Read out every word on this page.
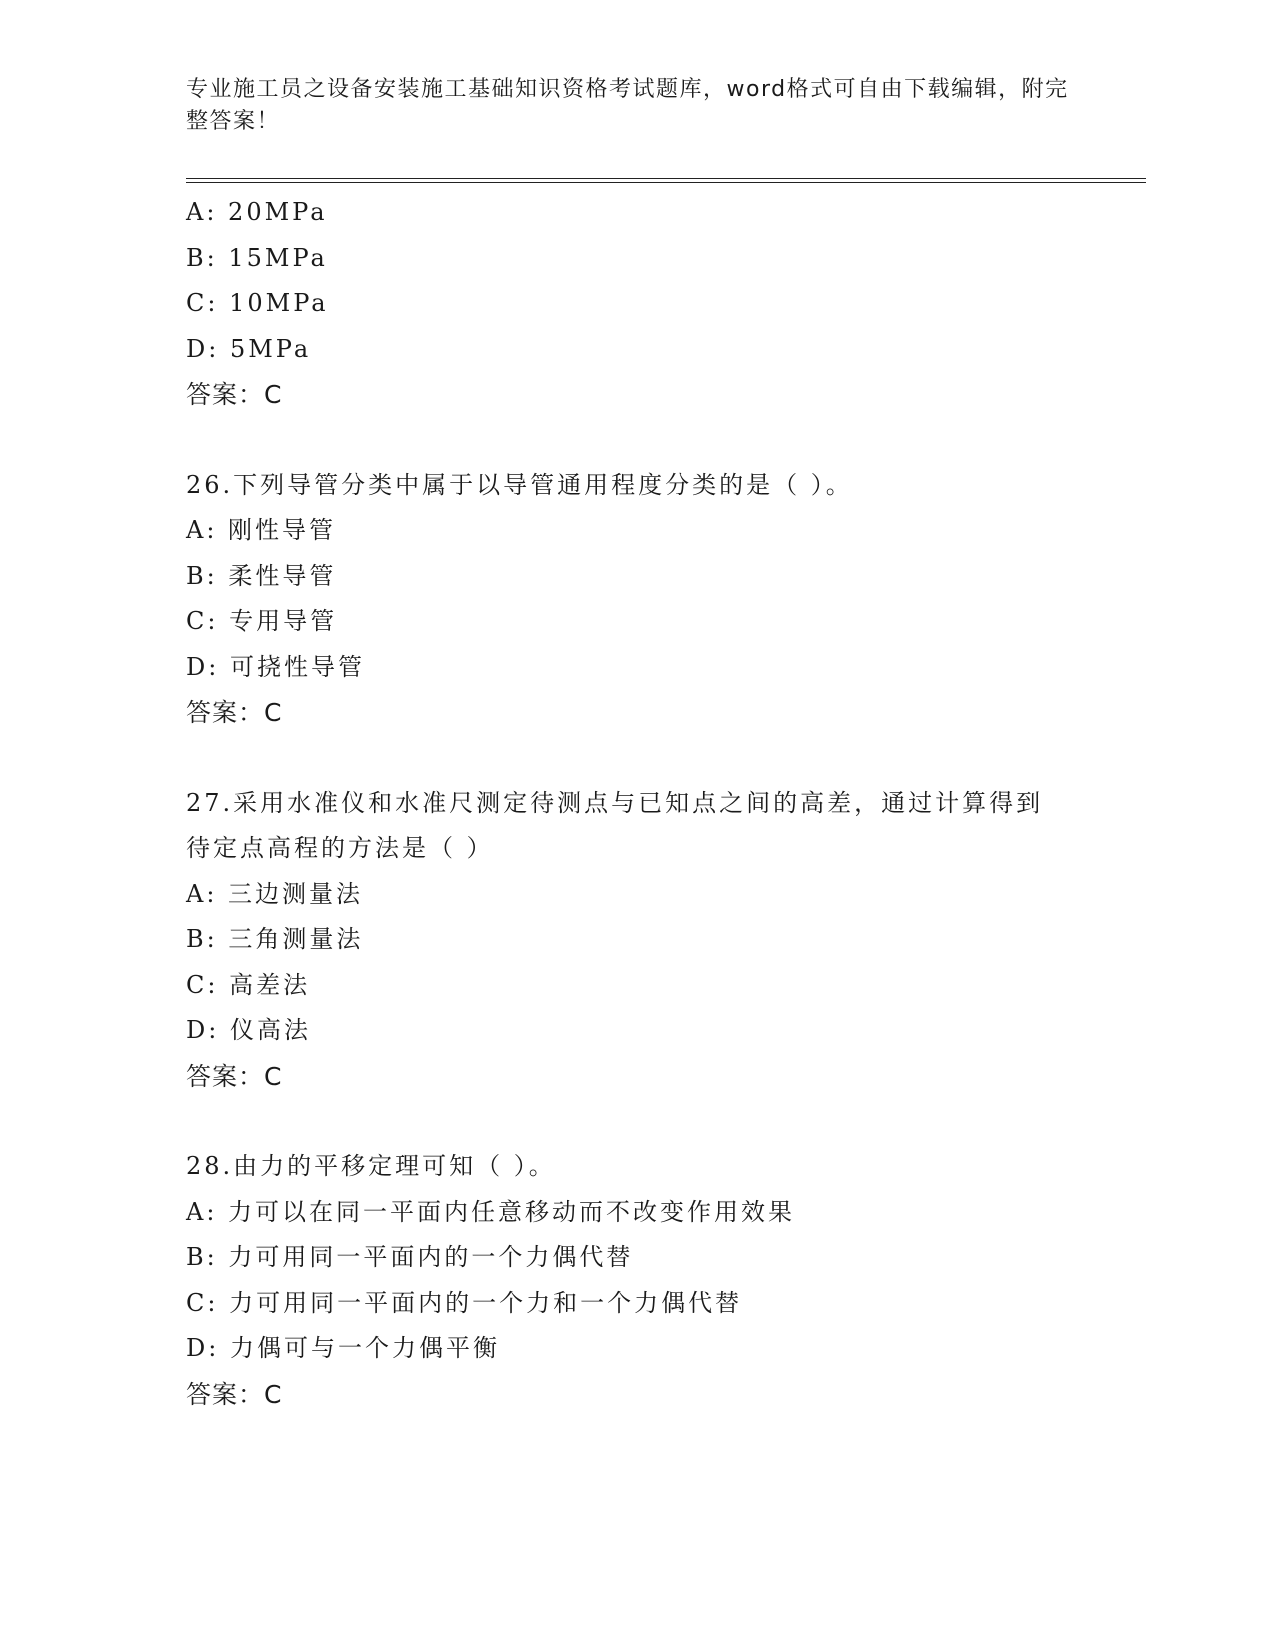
专业施工员之设备安装施工基础知识资格考试题库，word格式可自由下载编辑，附完整答案！
A: 20MPa
B: 15MPa
C: 10MPa
D: 5MPa
答案：C
26.下列导管分类中属于以导管通用程度分类的是（ ）。
A: 刚性导管
B: 柔性导管
C: 专用导管
D: 可挠性导管
答案：C
27.采用水准仪和水准尺测定待测点与已知点之间的高差，通过计算得到待定点高程的方法是（ ）
A: 三边测量法
B: 三角测量法
C: 高差法
D: 仪高法
答案：C
28.由力的平移定理可知（ ）。
A: 力可以在同一平面内任意移动而不改变作用效果
B: 力可用同一平面内的一个力偶代替
C: 力可用同一平面内的一个力和一个力偶代替
D: 力偶可与一个力偶平衡
答案：C
